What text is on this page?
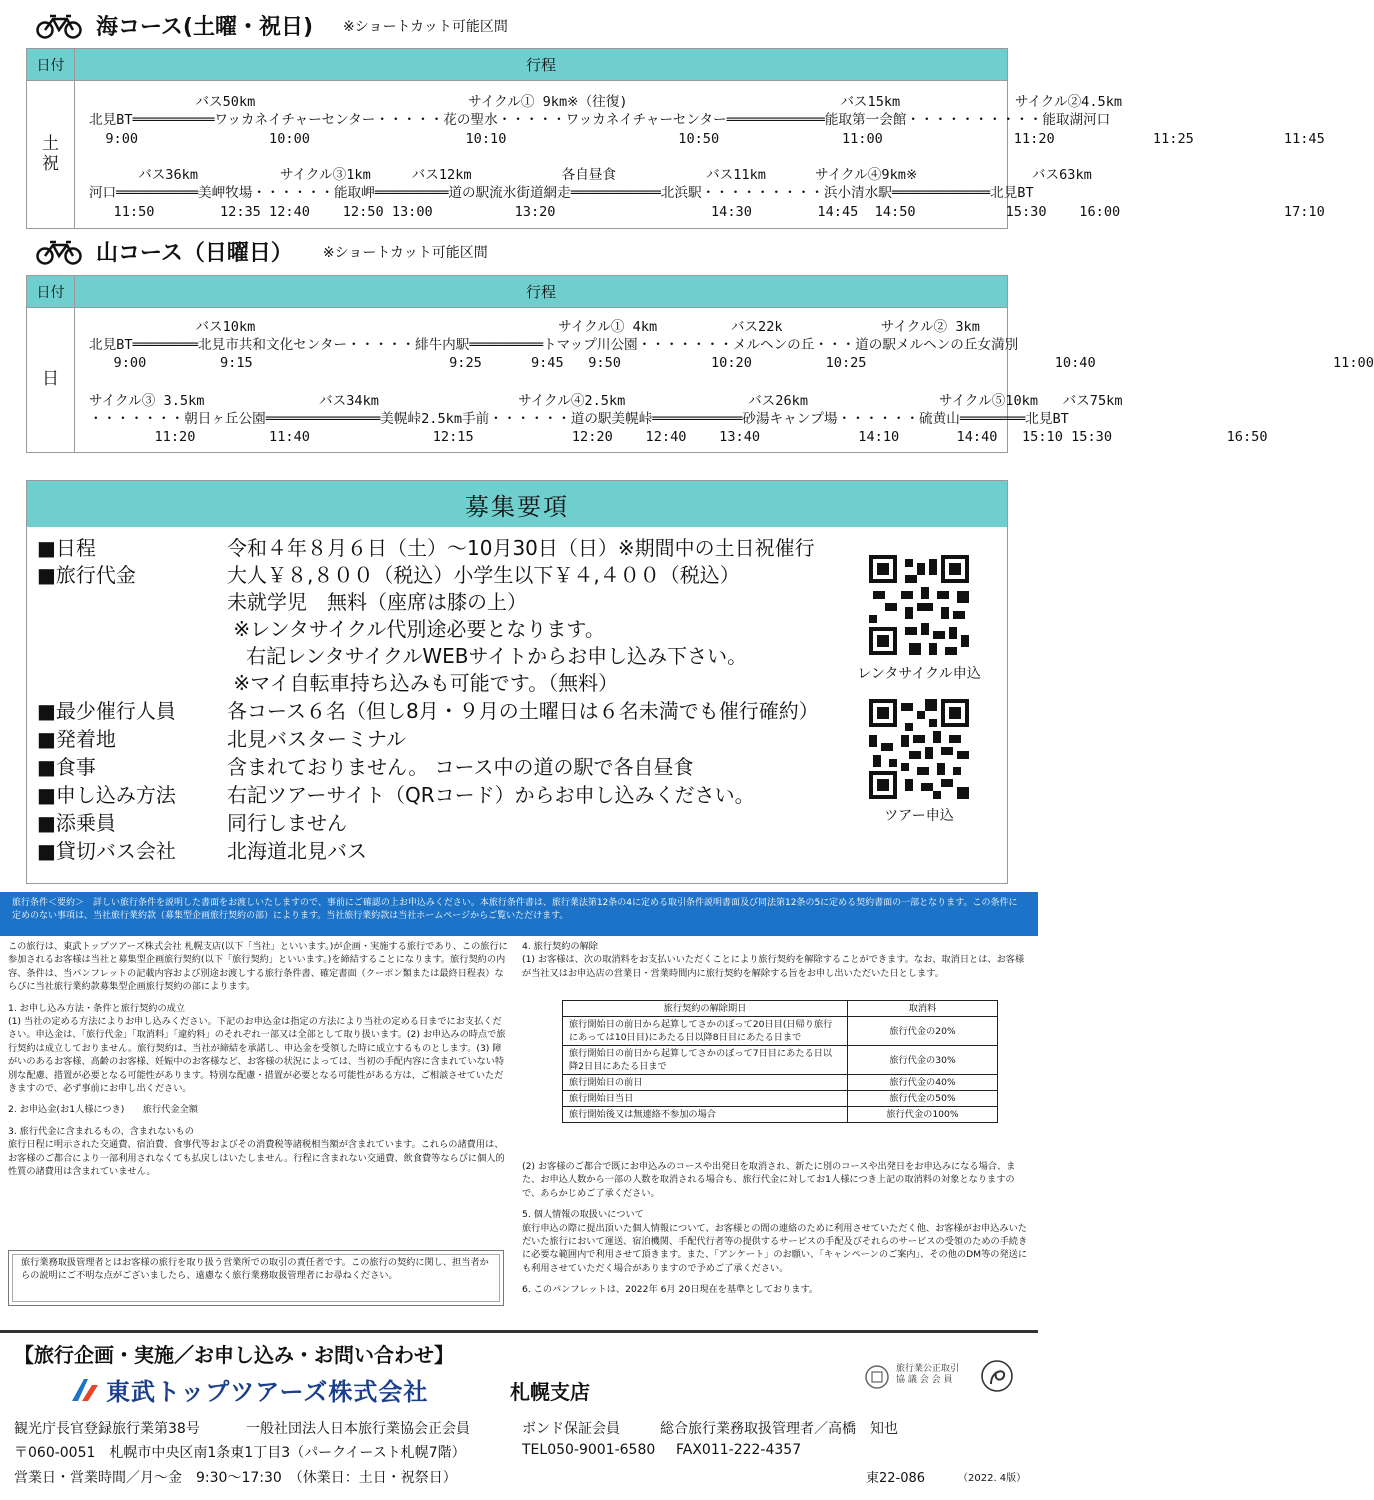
海コース(土曜・祝日) ※ショートカット可能区間
日付	行程
土
祝
バス50km                          サイクル① 9km※（往復)                          バス15km              サイクル②4.5km
北見BT══════════ワッカネイチャーセンター・・・・・花の聖水・・・・・ワッカネイチャーセンター════════════能取第一会館・・・・・・・・・・能取湖河口
9:00                10:00                   10:10                     10:50               11:00                11:20            11:25           11:45
バス36km          サイクル③1km     バス12km           各自昼食           バス11km      サイクル④9km※              バス63km
河口══════════美岬牧場・・・・・・能取岬═════════道の駅流氷街道網走═══════════北浜駅・・・・・・・・・浜小清水駅════════════北見BT
11:50        12:35 12:40    12:50 13:00          13:20                   14:30        14:45  14:50           15:30    16:00                    17:10
山コース（日曜日） ※ショートカット可能区間
日付	行程
日
バス10km                                     サイクル① 4km         バス22k            サイクル② 3km
北見BT════════北見市共和文化センター・・・・・緋牛内駅═════════トマップ川公園・・・・・・・メルヘンの丘・・・道の駅メルヘンの丘女満別
9:00         9:15                        9:25      9:45   9:50           10:20         10:25                       10:40                             11:00
サイクル③ 3.5km              バス34km                 サイクル④2.5km               バス26km                サイクル⑤10km   バス75km
・・・・・・・朝日ヶ丘公園══════════════美幌峠2.5km手前・・・・・・道の駅美幌峠═══════════砂湯キャンプ場・・・・・・硫黄山════════北見BT
11:20         11:40               12:15            12:20    12:40    13:40            14:10       14:40   15:10 15:30              16:50
募集要項
■日程	令和４年８月６日（土）～10月30日（日）※期間中の土日祝催行
■旅行代金	大人￥８,８００（税込）小学生以下￥４,４００（税込）
未就学児　無料（座席は膝の上）
※レンタサイクル代別途必要となります。
右記レンタサイクルWEBサイトからお申し込み下さい。
※マイ自転車持ち込みも可能です。（無料）
■最少催行人員	各コース６名（但し8月・９月の土曜日は６名未満でも催行確約）
■発着地	北見バスターミナル
■食事	含まれておりません。 コース中の道の駅で各自昼食
■申し込み方法	右記ツアーサイト（QRコード）からお申し込みください。
■添乗員	同行しません
■貸切バス会社	北海道北見バス
レンタサイクル申込
ツアー申込
旅行条件＜要約＞　詳しい旅行条件を説明した書面をお渡しいたしますので、事前にご確認の上お申込みください。本旅行条件書は、旅行業法第12条の4に定める取引条件説明書面及び同法第12条の5に定める契約書面の一部となります。この条件に定めのない事項は、当社旅行業約款（募集型企画旅行契約の部）によります。当社旅行業約款は当社ホームページからご覧いただけます。

この旅行は、東武トップツアーズ株式会社 札幌支店(以下「当社」といいます。)が企画・実施する旅行であり、この旅行に参加されるお客様は当社と募集型企画旅行契約(以下「旅行契約」といいます。)を締結することになります。旅行契約の内容、条件は、当パンフレットの記載内容および別途お渡しする旅行条件書、確定書面（クーポン類または最終日程表）ならびに当社旅行業約款募集型企画旅行契約の部によります。

1. お申し込み方法・条件と旅行契約の成立

(1) 当社の定める方法によりお申し込みください。下記のお申込金は指定の方法により当社の定める日までにお支払ください。申込金は、「旅行代金」「取消料」「違約料」のそれぞれ一部又は全部として取り扱います。(2) お申込みの時点で旅行契約は成立しておりません。旅行契約は、当社が締結を承諾し、申込金を受領した時に成立するものとします。(3) 障がいのあるお客様、高齢のお客様、妊娠中のお客様など、お客様の状況によっては、当初の手配内容に含まれていない特別な配慮、措置が必要となる可能性があります。特別な配慮・措置が必要となる可能性がある方は、ご相談させていただきますので、必ず事前にお申し出ください。

2. お申込金(お1人様につき)　　旅行代金全額

3. 旅行代金に含まれるもの、含まれないもの

旅行日程に明示された交通費、宿泊費、食事代等およびその消費税等諸税相当額が含まれています。これらの諸費用は、お客様のご都合により一部利用されなくても払戻しはいたしません。行程に含まれない交通費、飲食費等ならびに個人的性質の諸費用は含まれていません。

旅行業務取扱管理者とはお客様の旅行を取り扱う営業所での取引の責任者です。この旅行の契約に関し、担当者からの説明にご不明な点がございましたら、遠慮なく旅行業務取扱管理者にお尋ねください。

4. 旅行契約の解除

(1) お客様は、次の取消料をお支払いいただくことにより旅行契約を解除することができます。なお、取消日とは、お客様が当社又はお申込店の営業日・営業時間内に旅行契約を解除する旨をお申し出いただいた日とします。

旅行契約の解除期日	取消料
旅行開始日の前日から起算してさかのぼって20日目(日帰り旅行にあっては10日目)にあたる日以降8日目にあたる日まで	旅行代金の20%
旅行開始日の前日から起算してさかのぼって7日目にあたる日以降2日目にあたる日まで	旅行代金の30%
旅行開始日の前日	旅行代金の40%
旅行開始日当日	旅行代金の50%
旅行開始後又は無連絡不参加の場合	旅行代金の100%

(2) お客様のご都合で既にお申込みのコースや出発日を取消され、新たに別のコースや出発日をお申込みになる場合、また、お申込人数から一部の人数を取消される場合も、旅行代金に対してお1人様につき上記の取消料の対象となりますので、あらかじめご了承ください。

5. 個人情報の取扱いについて

旅行申込の際に提出頂いた個人情報について、お客様との間の連絡のために利用させていただく他、お客様がお申込みいただいた旅行において運送、宿泊機関、手配代行者等の提供するサービスの手配及びそれらのサービスの受領のための手続きに必要な範囲内で利用させて頂きます。また、「アンケート」のお願い、「キャンペーンのご案内」、その他のDM等の発送にも利用させていただく場合がありますので予めご了承ください。

6. このパンフレットは、2022年 6月 20日現在を基準としております。

【旅行企画・実施／お申し込み・お問い合わせ】
東武トップツアーズ株式会社	札幌支店
旅行業公正取引
協 議 会 会 員
観光庁長官登録旅行業第38号	一般社団法人日本旅行業協会正会員	ボンド保証会員	総合旅行業務取扱管理者／高橋　知也
〒060-0051　札幌市中央区南1条東1丁目3（パークイースト札幌7階）	TEL050-9001-6580 FAX011-222-4357
営業日・営業時間／月～金　9:30～17:30　（休業日：土日・祝祭日）	東22-086	（2022. 4版）
